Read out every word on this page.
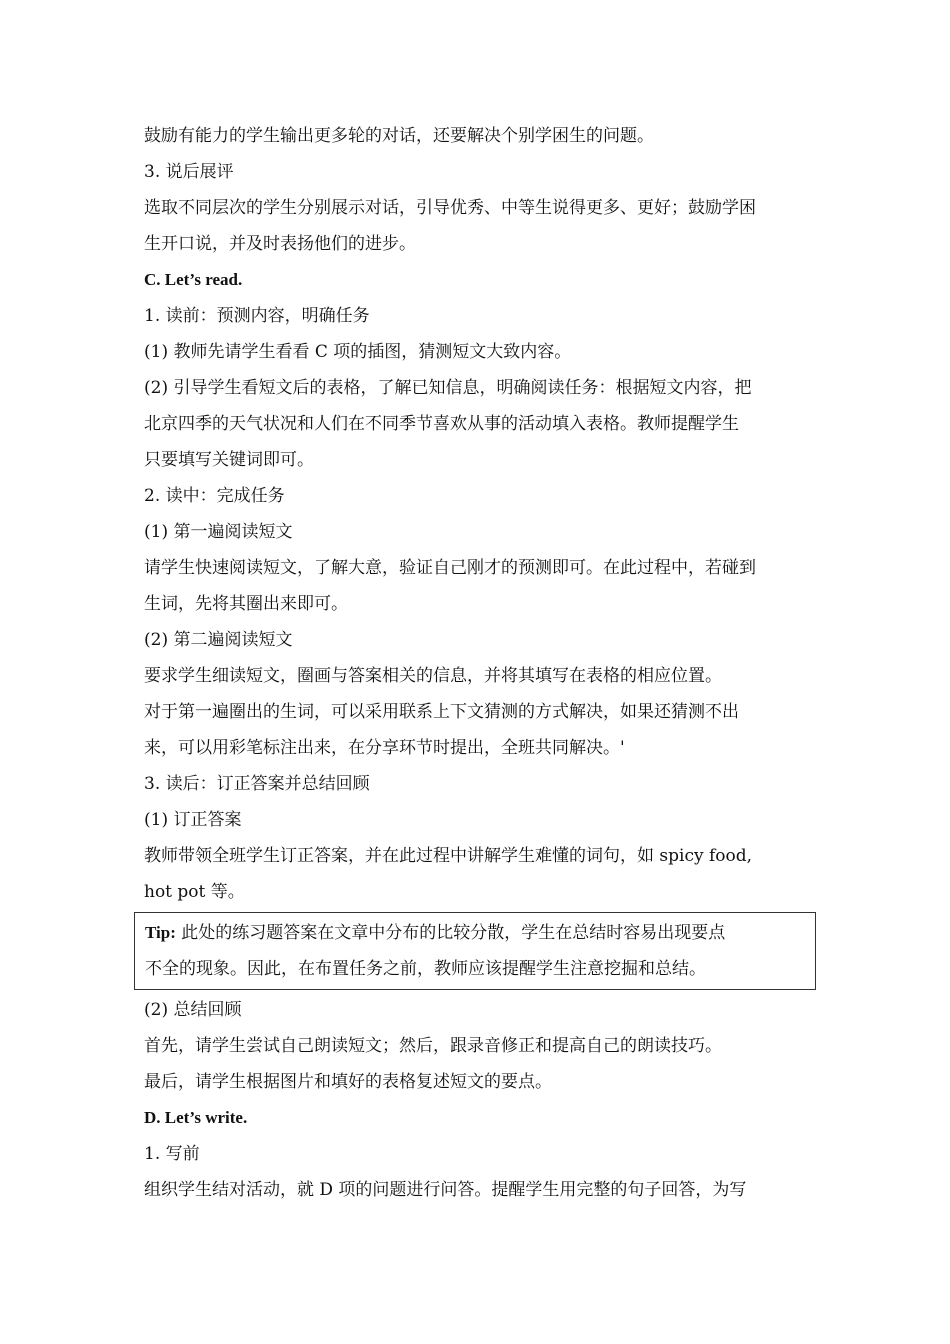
鼓励有能力的学生输出更多轮的对话，还要解决个别学困生的问题。
3. 说后展评
选取不同层次的学生分别展示对话，引导优秀、中等生说得更多、更好；鼓励学困
生开口说，并及时表扬他们的进步。
C. Let’s read.
1. 读前：预测内容，明确任务
(1) 教师先请学生看看 C 项的插图，猜测短文大致内容。
(2) 引导学生看短文后的表格，了解已知信息，明确阅读任务：根据短文内容，把
北京四季的天气状况和人们在不同季节喜欢从事的活动填入表格。教师提醒学生
只要填写关键词即可。
2. 读中：完成任务
(1) 第一遍阅读短文
请学生快速阅读短文，了解大意，验证自己刚才的预测即可。在此过程中，若碰到
生词，先将其圈出来即可。
(2) 第二遍阅读短文
要求学生细读短文，圈画与答案相关的信息，并将其填写在表格的相应位置。
对于第一遍圈出的生词，可以采用联系上下文猜测的方式解决，如果还猜测不出
来，可以用彩笔标注出来，在分享环节时提出，全班共同解决。'
3. 读后：订正答案并总结回顾
(1) 订正答案
教师带领全班学生订正答案，并在此过程中讲解学生难懂的词句，如 spicy food,
hot pot 等。
Tip: 此处的练习题答案在文章中分布的比较分散，学生在总结时容易出现要点
不全的现象。因此，在布置任务之前，教师应该提醒学生注意挖掘和总结。
(2) 总结回顾
首先，请学生尝试自己朗读短文；然后，跟录音修正和提高自己的朗读技巧。
最后，请学生根据图片和填好的表格复述短文的要点。
D. Let’s write.
1. 写前
组织学生结对活动，就 D 项的问题进行问答。提醒学生用完整的句子回答，为写
